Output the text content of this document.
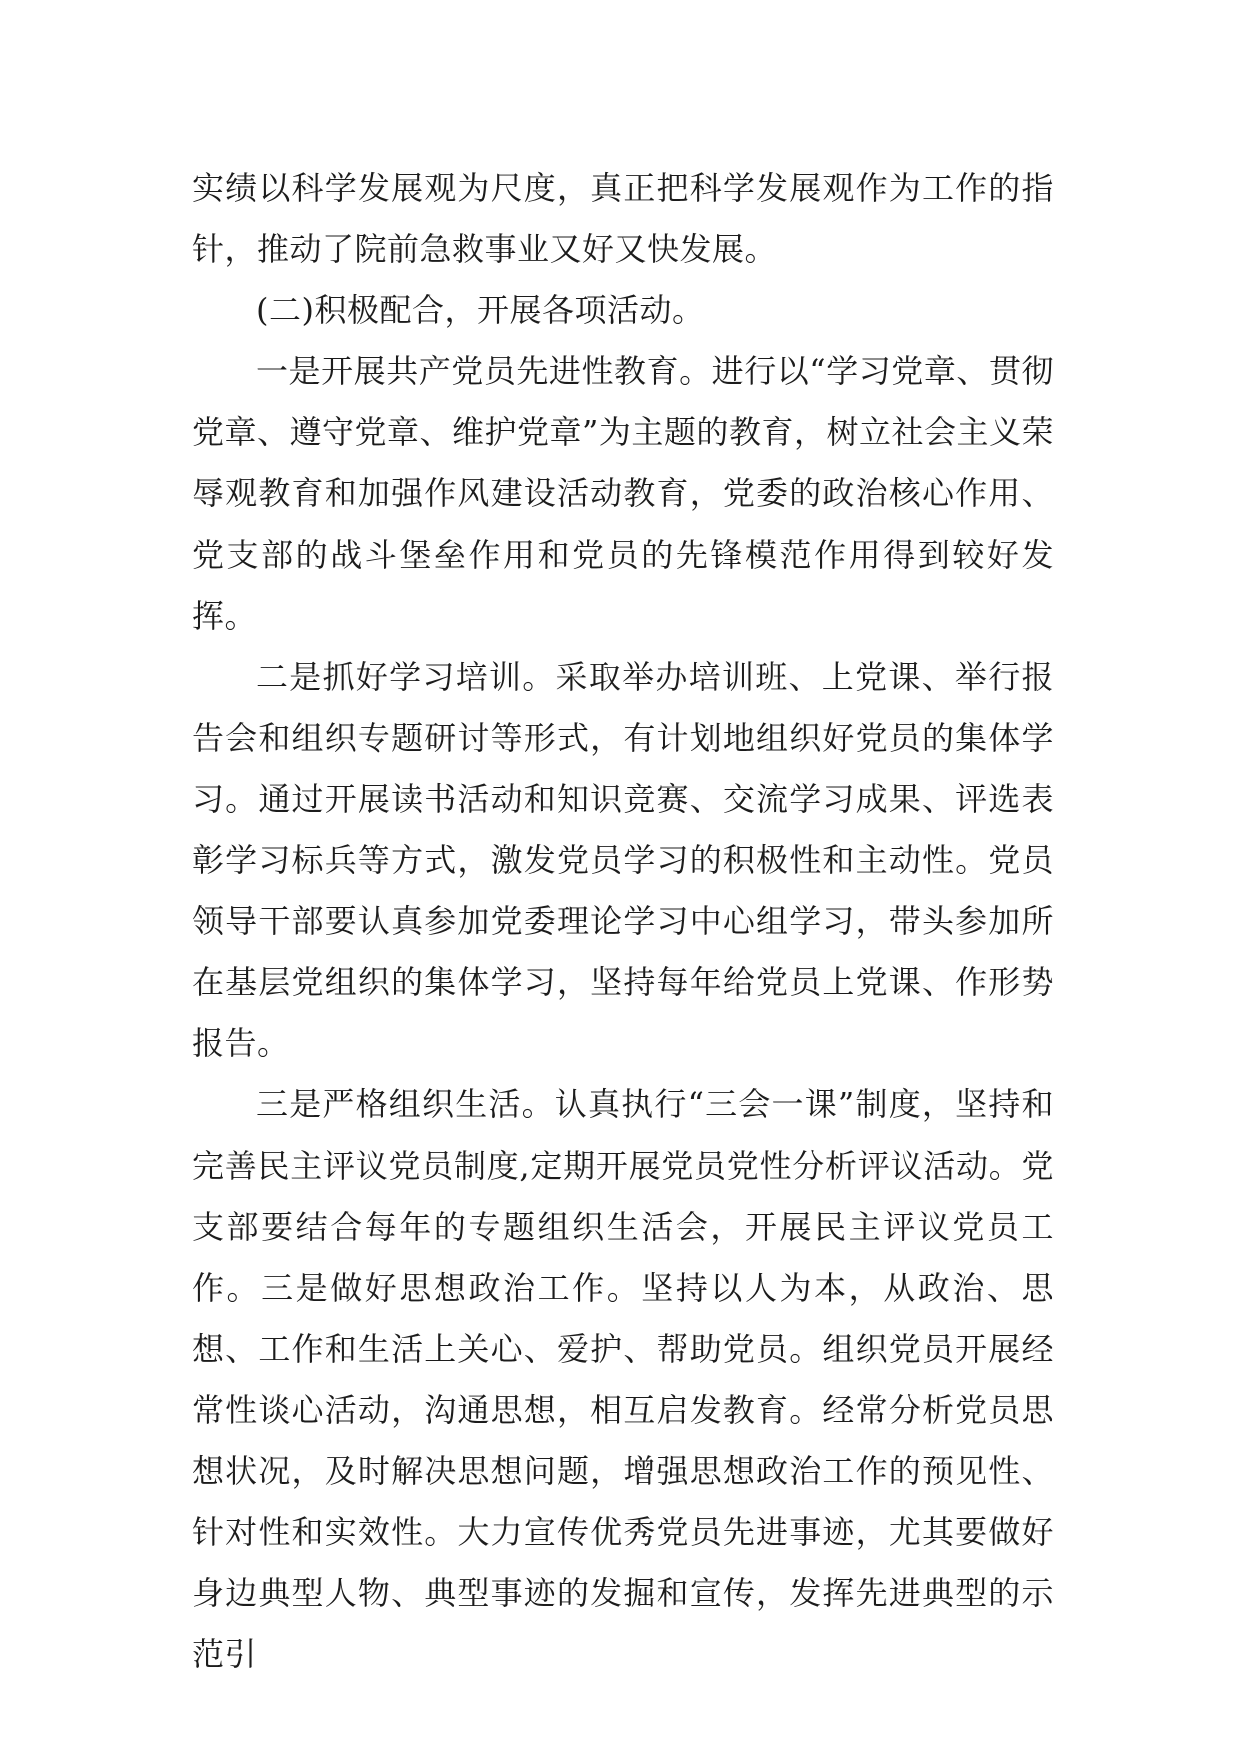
实绩以科学发展观为尺度，真正把科学发展观作为工作的指针，推动了院前急救事业又好又快发展。

(二)积极配合，开展各项活动。

一是开展共产党员先进性教育。进行以“学习党章、贯彻党章、遵守党章、维护党章”为主题的教育，树立社会主义荣辱观教育和加强作风建设活动教育，党委的政治核心作用、党支部的战斗堡垒作用和党员的先锋模范作用得到较好发挥。

二是抓好学习培训。采取举办培训班、上党课、举行报告会和组织专题研讨等形式，有计划地组织好党员的集体学习。通过开展读书活动和知识竞赛、交流学习成果、评选表彰学习标兵等方式，激发党员学习的积极性和主动性。党员领导干部要认真参加党委理论学习中心组学习，带头参加所在基层党组织的集体学习，坚持每年给党员上党课、作形势报告。

三是严格组织生活。认真执行“三会一课”制度，坚持和完善民主评议党员制度,定期开展党员党性分析评议活动。党支部要结合每年的专题组织生活会，开展民主评议党员工作。三是做好思想政治工作。坚持以人为本，从政治、思想、工作和生活上关心、爱护、帮助党员。组织党员开展经常性谈心活动，沟通思想，相互启发教育。经常分析党员思想状况，及时解决思想问题，增强思想政治工作的预见性、针对性和实效性。大力宣传优秀党员先进事迹，尤其要做好身边典型人物、典型事迹的发掘和宣传，发挥先进典型的示范引
